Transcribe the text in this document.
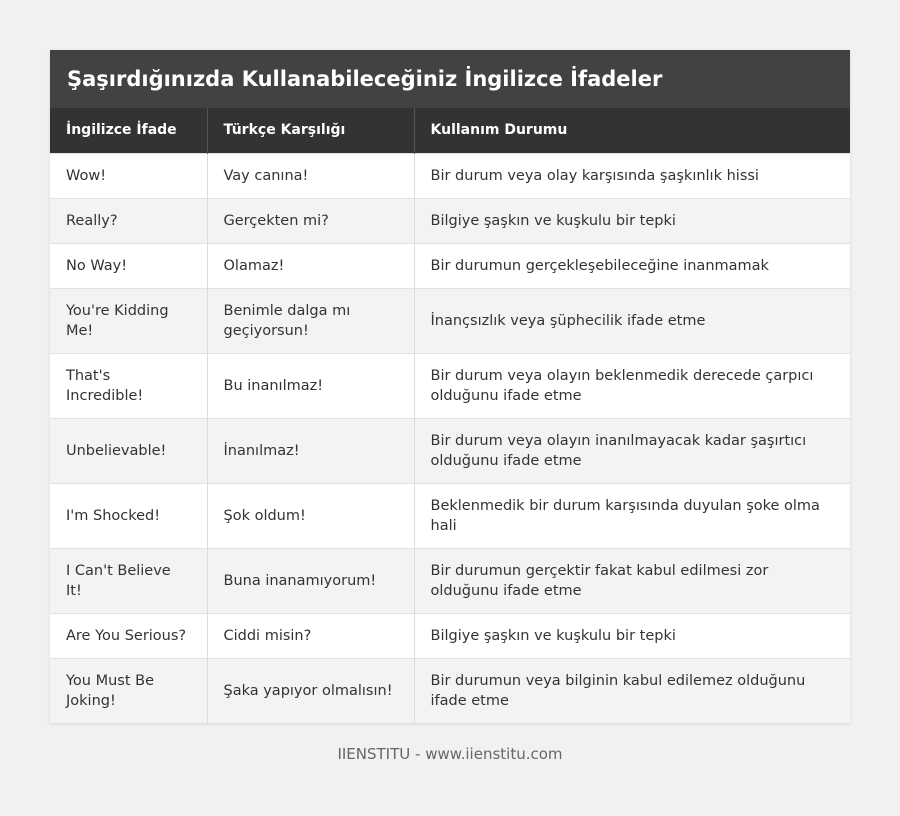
Şaşırdığınızda Kullanabileceğiniz İngilizce İfadeler
İngilizce İfade	Türkçe Karşılığı	Kullanım Durumu
Wow!	Vay canına!	Bir durum veya olay karşısında şaşkınlık hissi
Really?	Gerçekten mi?	Bilgiye şaşkın ve kuşkulu bir tepki
No Way!	Olamaz!	Bir durumun gerçekleşebileceğine inanmamak
You're Kidding Me!	Benimle dalga mı geçiyorsun!	İnançsızlık veya şüphecilik ifade etme
That's Incredible!	Bu inanılmaz!	Bir durum veya olayın beklenmedik derecede çarpıcı olduğunu ifade etme
Unbelievable!	İnanılmaz!	Bir durum veya olayın inanılmayacak kadar şaşırtıcı olduğunu ifade etme
I'm Shocked!	Şok oldum!	Beklenmedik bir durum karşısında duyulan şoke olma hali
I Can't Believe It!	Buna inanamıyorum!	Bir durumun gerçektir fakat kabul edilmesi zor olduğunu ifade etme
Are You Serious?	Ciddi misin?	Bilgiye şaşkın ve kuşkulu bir tepki
You Must Be Joking!	Şaka yapıyor olmalısın!	Bir durumun veya bilginin kabul edilemez olduğunu ifade etme
IIENSTITU - www.iienstitu.com
